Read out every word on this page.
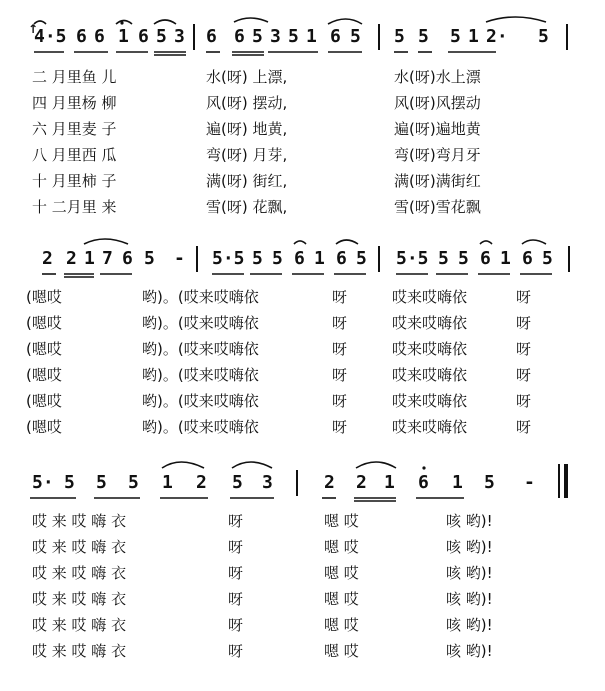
↑
4·5 6 6 1 6 5 3 6 6 5 3 5 1 6 5 5 5 5 1 2· 5
二 月里鱼 儿	水(呀) 上漂,	水(呀)水上漂
四 月里杨 柳	风(呀) 摆动,	风(呀)风摆动
六 月里麦 子	遍(呀) 地黄,	遍(呀)遍地黄
八 月里西 瓜	弯(呀) 月芽,	弯(呀)弯月牙
十 月里柿 子	满(呀) 街红,	满(呀)满街红
十 二月里 来	雪(呀) 花飘,	雪(呀)雪花飘
2 2 1 7 6 5 - 5·5 5 5 6 1 6 5 5·5 5 5 6 1 6 5
(嗯哎	哟)。(哎来哎嗨依	呀	哎来哎嗨依	呀
(嗯哎	哟)。(哎来哎嗨依	呀	哎来哎嗨依	呀
(嗯哎	哟)。(哎来哎嗨依	呀	哎来哎嗨依	呀
(嗯哎	哟)。(哎来哎嗨依	呀	哎来哎嗨依	呀
(嗯哎	哟)。(哎来哎嗨依	呀	哎来哎嗨依	呀
(嗯哎	哟)。(哎来哎嗨依	呀	哎来哎嗨依	呀
5· 5 5 5 1 2 5 3	2 2 1 6 1 5 -
哎 来 哎 嗨 衣	呀	嗯 哎	咳 哟)!
哎 来 哎 嗨 衣	呀	嗯 哎	咳 哟)!
哎 来 哎 嗨 衣	呀	嗯 哎	咳 哟)!
哎 来 哎 嗨 衣	呀	嗯 哎	咳 哟)!
哎 来 哎 嗨 衣	呀	嗯 哎	咳 哟)!
哎 来 哎 嗨 衣	呀	嗯 哎	咳 哟)!
